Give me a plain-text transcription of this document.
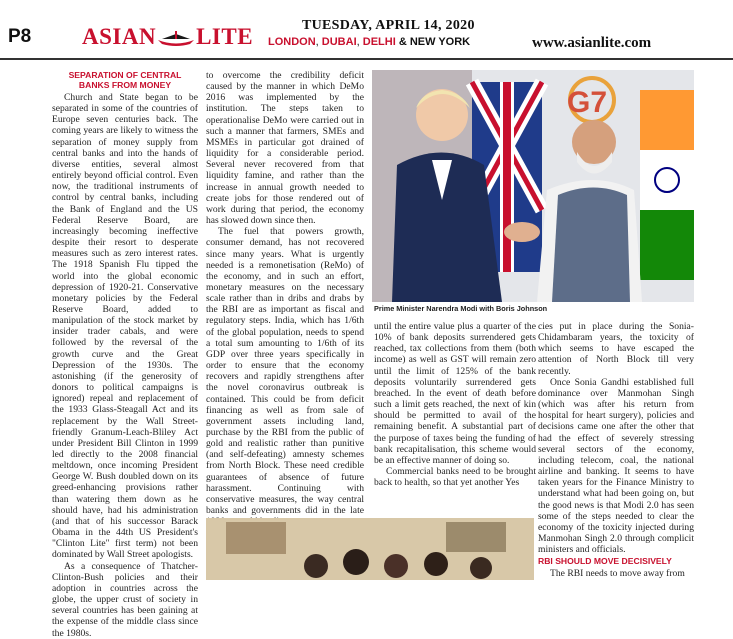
P8 ASIAN LITE	TUESDAY, APRIL 14, 2020
LONDON, DUBAI, DELHI & NEW YORK	www.asianlite.com
SEPARATION OF CENTRAL
BANKS FROM MONEY

Church and State began to be separated in some of the countries of Europe seven centuries back. The coming years are likely to witness the separation of money supply from central banks and into the hands of diverse entities, several almost entirely beyond official control. Even now, the traditional instruments of control by central banks, including the Bank of England and the US Federal Reserve Board, are increasingly becoming ineffective despite their resort to desperate measures such as zero interest rates. The 1918 Spanish Flu tipped the world into the global economic depression of 1920-21. Conservative monetary policies by the Federal Reserve Board, added to manipulation of the stock market by insider trader cabals, and were followed by the reversal of the growth curve and the Great Depression of the 1930s. The astonishing (if the generosity of donors to political campaigns is ignored) repeal and replacement of the 1933 Glass-Steagall Act and its replacement by the Wall Street-friendly Granum-Leach-Bliley Act under President Bill Clinton in 1999 led directly to the 2008 financial meltdown, once incoming President George W. Bush doubled down on its greed-enhancing provisions rather than watering them down as he should have, had his administration (and that of his successor Barack Obama in the 44th US President's "Clinton Lite" first term) not been dominated by Wall Street apologists.

As a consequence of Thatcher-Clinton-Bush policies and their adoption in countries across the globe, the upper crust of society in several countries has been gaining at the expense of the middle class since the 1980s.

to overcome the credibility deficit caused by the manner in which DeMo 2016 was implemented by the institution. The steps taken to operationalise DeMo were carried out in such a manner that farmers, SMEs and MSMEs in particular got drained of liquidity for a considerable period. Several never recovered from that liquidity famine, and rather than the increase in annual growth needed to create jobs for those rendered out of work during that period, the economy has slowed down since then.

The fuel that powers growth, consumer demand, has not recovered since many years. What is urgently needed is a remonetisation (ReMo) of the economy, and in such an effort, monetary measures on the necessary scale rather than in dribs and drabs by the RBI are as important as fiscal and regulatory steps. India, which has 1/6th of the global population, needs to spend a total sum amounting to 1/6th of its GDP over three years specifically in order to ensure that the economy recovers and rapidly strengthens after the novel coronavirus outbreak is contained. This could be from deficit financing as well as from sale of government assets including land, purchase by the RBI from the public of gold and realistic rather than punitive (and self-defeating) amnesty schemes from North Block. These need credible guarantees of absence of future harassment. Continuing with conservative measures, the way central banks and governments did in the late

G7
Prime Minister Narendra Modi with Boris Johnson

until the entire value plus a quarter of the 10% of bank deposits surrendered gets reached, tax collections from them (both income) as well as GST will remain zero until the limit of 125% of the bank deposits voluntarily surrendered gets breached. In the event of death before such a limit gets reached, the next of kin should be permitted to avail of the remaining benefit. A substantial part of the purpose of taxes being the funding of bank recapitalisation, this scheme would be an effective manner of doing so.

Commercial banks need to be brought back to health, so that yet another Yes

cies put in place during the Sonia-Chidambaram years, the toxicity of which seems to have escaped the attention of North Block till very recently.

Once Sonia Gandhi established full dominance over Manmohan Singh (which was after his return from hospital for heart surgery), policies and decisions came one after the other that had the effect of severely stressing several sectors of the economy, including telecom, coal, the national airline and banking. It seems to have taken years for the Finance Ministry to understand what had been going on, but the good news is that Modi 2.0 has seen some of the steps needed to clear the economy of the toxicity injected during Manmohan Singh 2.0 through complicit ministers and officials.

RBI SHOULD MOVE DECISIVELY

The RBI needs to move away from
